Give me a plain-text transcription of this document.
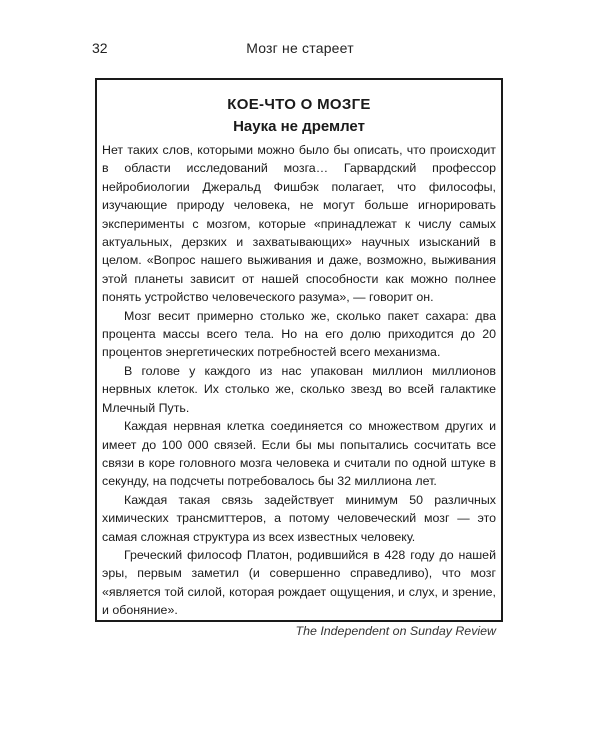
32	Мозг не стареет
КОЕ-ЧТО О МОЗГЕ
Наука не дремлет

Нет таких слов, которыми можно было бы описать, что происходит в области исследований мозга… Гарвардский профессор нейробиологии Джеральд Фишбэк полагает, что философы, изучающие природу человека, не могут больше игнорировать эксперименты с мозгом, которые «принадлежат к числу самых актуальных, дерзких и захватывающих» научных изысканий в целом. «Вопрос нашего выживания и даже, возможно, выживания этой планеты зависит от нашей способности как можно полнее понять устройство человеческого разума», — говорит он.

Мозг весит примерно столько же, сколько пакет сахара: два процента массы всего тела. Но на его долю приходится до 20 процентов энергетических потребностей всего механизма.

В голове у каждого из нас упакован миллион миллионов нервных клеток. Их столько же, сколько звезд во всей галактике Млечный Путь.

Каждая нервная клетка соединяется со множеством других и имеет до 100 000 связей. Если бы мы попытались сосчитать все связи в коре головного мозга человека и считали по одной штуке в секунду, на подсчеты потребовалось бы 32 миллиона лет.

Каждая такая связь задействует минимум 50 различных химических трансмиттеров, а потому человеческий мозг — это самая сложная структура из всех известных человеку.

Греческий философ Платон, родившийся в 428 году до нашей эры, первым заметил (и совершенно справедливо), что мозг «является той силой, которая рождает ощущения, и слух, и зрение, и обоняние».

The Independent on Sunday Review
